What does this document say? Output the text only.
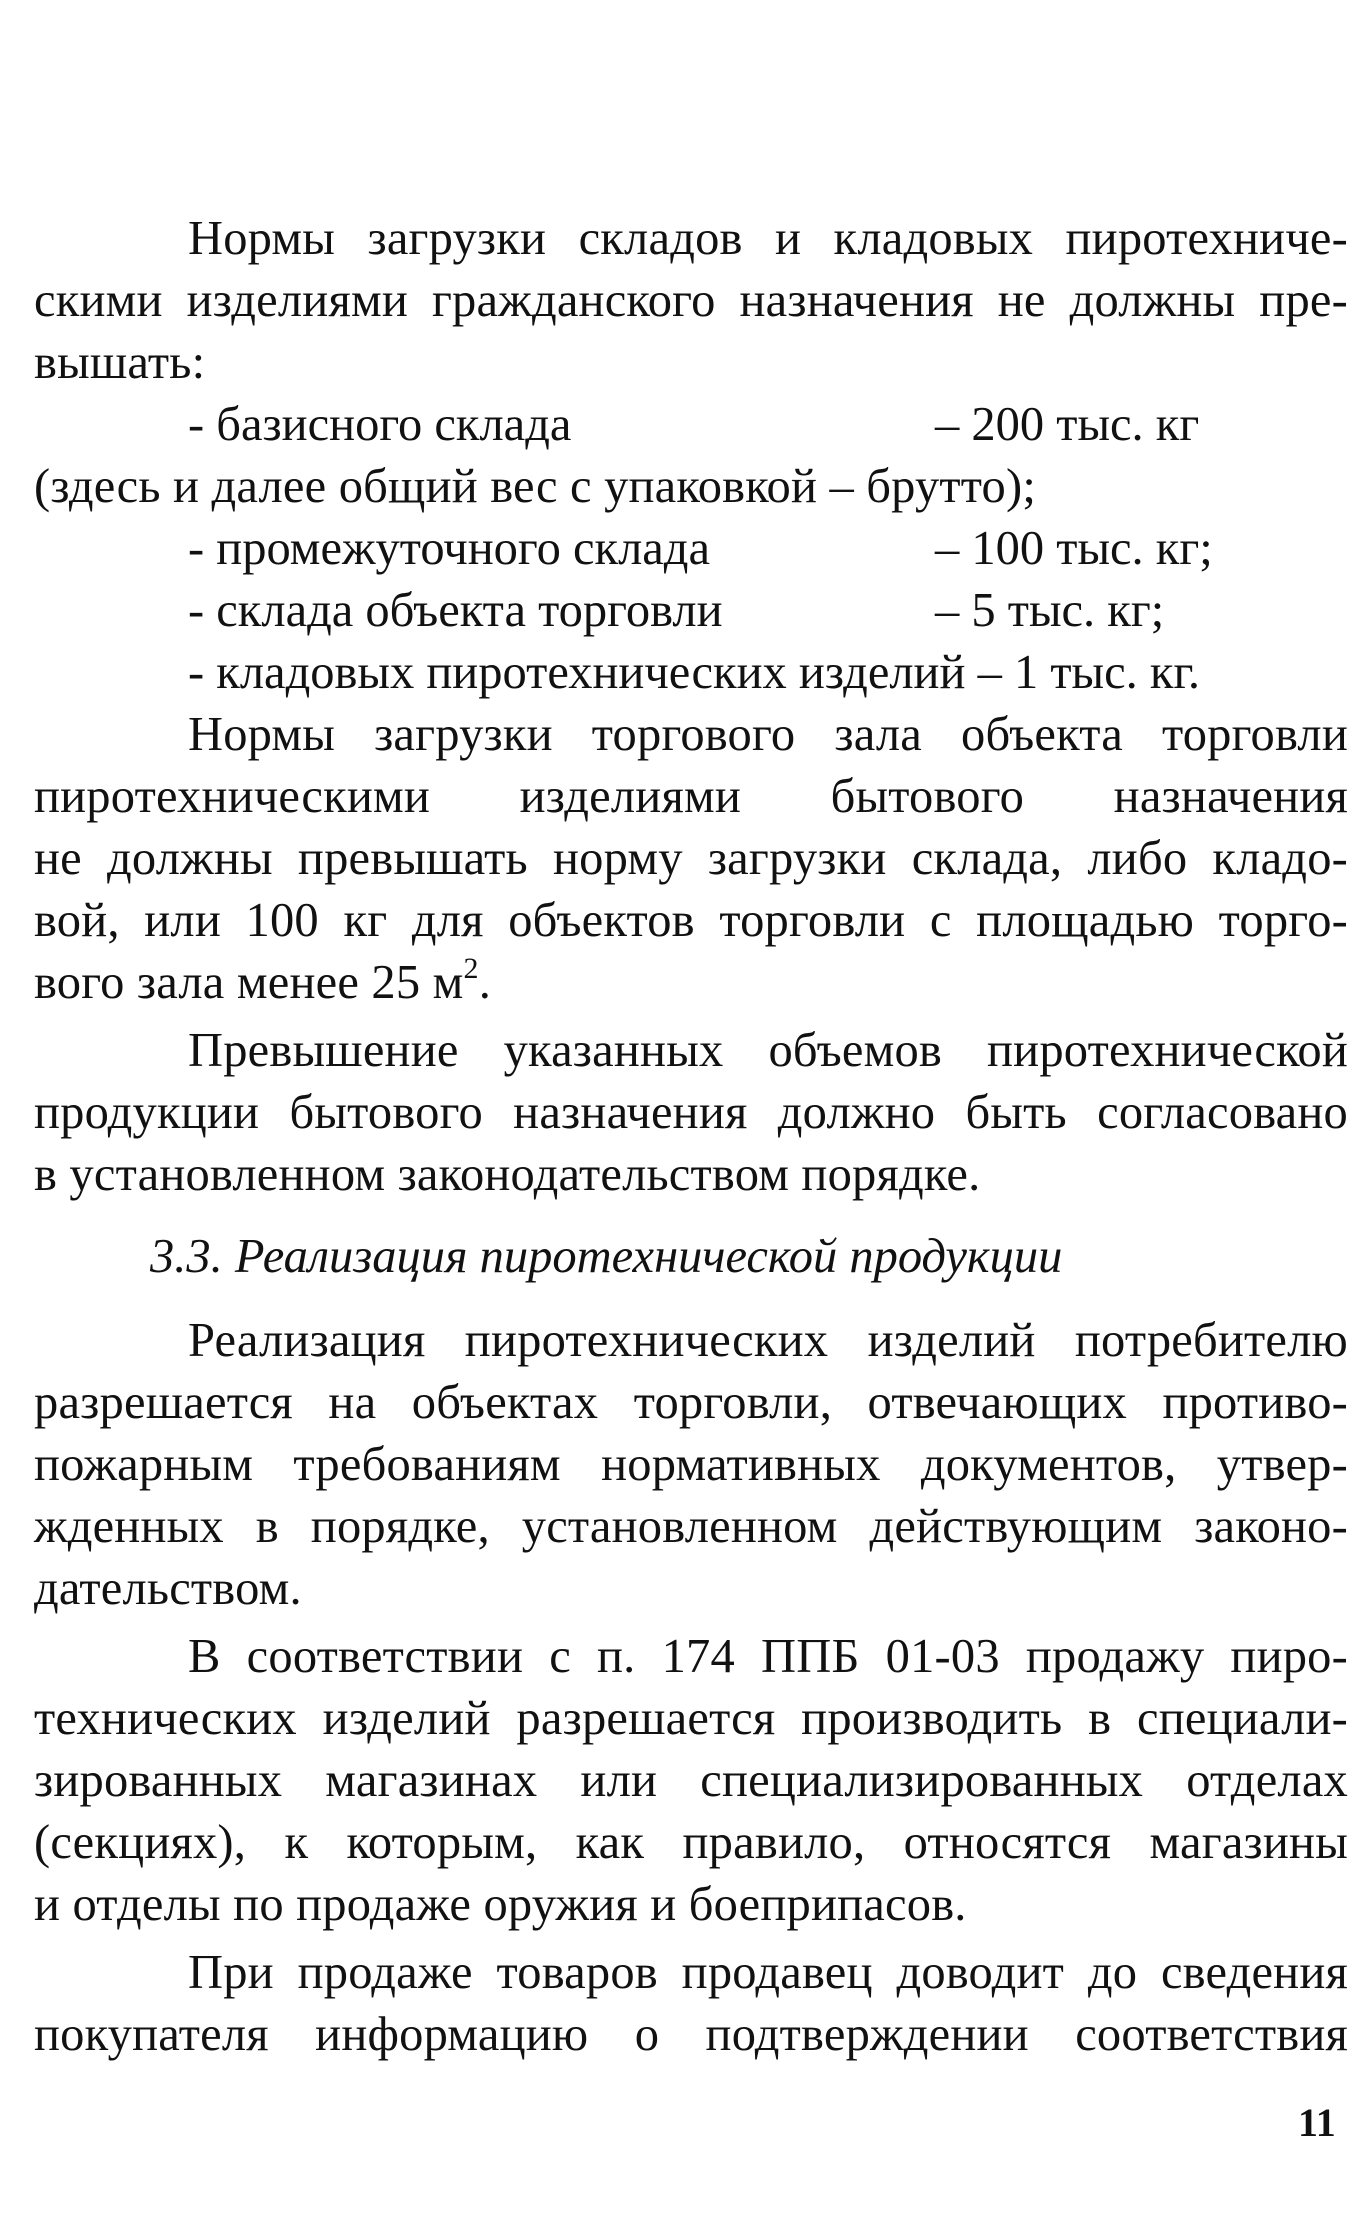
Нормы загрузки складов и кладовых пиротехниче-
скими изделиями гражданского назначения не должны пре-
вышать:
- базисного склада	– 200 тыс. кг
(здесь и далее общий вес с упаковкой – брутто);
- промежуточного склада	– 100 тыс. кг;
- склада объекта торговли	– 5 тыс. кг;
- кладовых пиротехнических изделий – 1 тыс. кг.
Нормы загрузки торгового зала объекта торговли
пиротехническими изделиями бытового назначения
не должны превышать норму загрузки склада, либо кладо-
вой, или 100 кг для объектов торговли с площадью торго-
вого зала менее 25 $м^2$.
Превышение указанных объемов пиротехнической
продукции бытового назначения должно быть согласовано
в установленном законодательством порядке.
3.3. Реализация пиротехнической продукции
Реализация пиротехнических изделий потребителю
разрешается на объектах торговли, отвечающих противо-
пожарным требованиям нормативных документов, утвер-
жденных в порядке, установленном действующим законо-
дательством.
В соответствии с п. 174 ППБ 01-03 продажу пиро-
технических изделий разрешается производить в специали-
зированных магазинах или специализированных отделах
(секциях), к которым, как правило, относятся магазины
и отделы по продаже оружия и боеприпасов.
При продаже товаров продавец доводит до сведения
покупателя информацию о подтверждении соответствия
11
